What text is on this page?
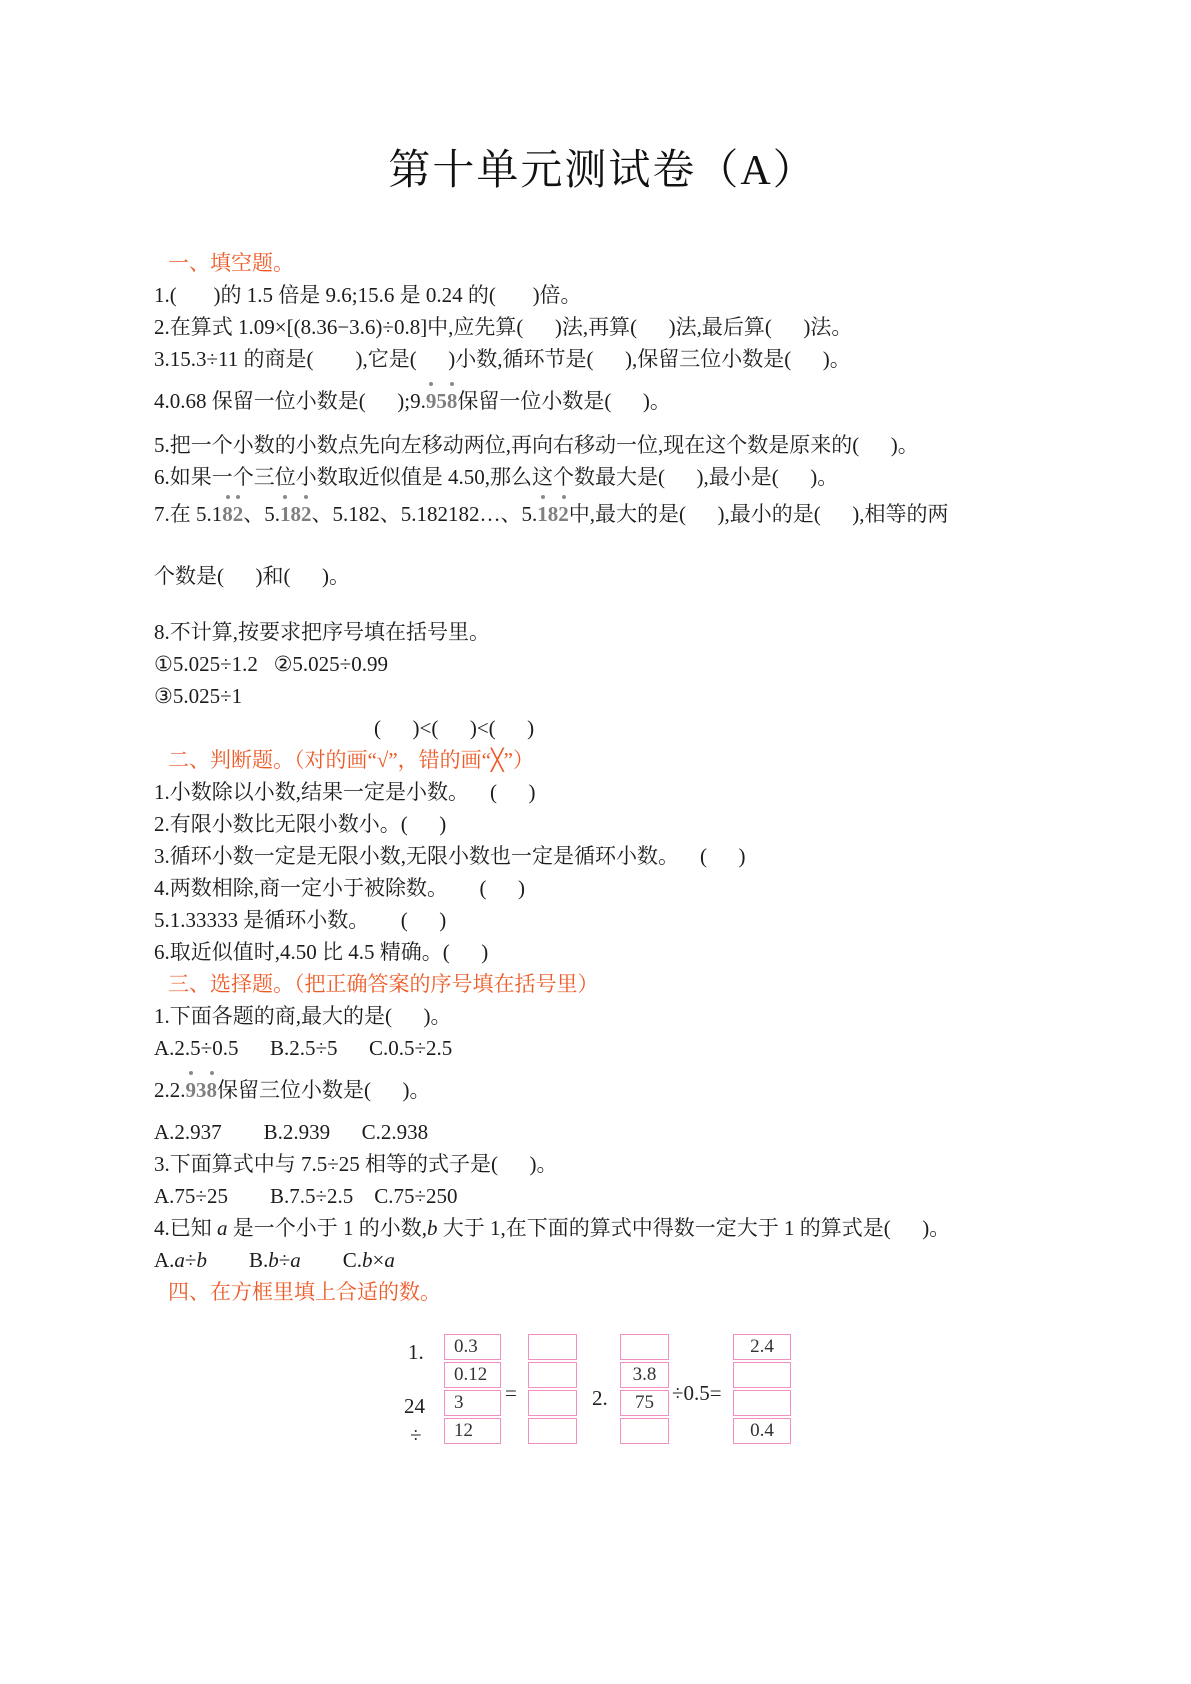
第十单元测试卷（A）
一、填空题。
1.(       )的 1.5 倍是 9.6;15.6 是 0.24 的(       )倍。
2.在算式 1.09×[(8.36−3.6)÷0.8]中,应先算(      )法,再算(      )法,最后算(      )法。
3.15.3÷11 的商是(        ),它是(      )小数,循环节是(      ),保留三位小数是(      )。
4.0.68 保留一位小数是(      );9.958保留一位小数是(      )。
5.把一个小数的小数点先向左移动两位,再向右移动一位,现在这个数是原来的(      )。
6.如果一个三位小数取近似值是 4.50,那么这个数最大是(      ),最小是(      )。
7.在 5.182、5.182、5.182、5.182182…、5.182中,最大的是(      ),最小的是(      ),相等的两
个数是(      )和(      )。
8.不计算,按要求把序号填在括号里。
①5.025÷1.2   ②5.025÷0.99
③5.025÷1
(      )<(      )<(      )
二、判断题。（对的画“√”，错的画“╳”）
1.小数除以小数,结果一定是小数。    (      )
2.有限小数比无限小数小。(      )
3.循环小数一定是无限小数,无限小数也一定是循环小数。    (      )
4.两数相除,商一定小于被除数。      (      )
5.1.33333 是循环小数。      (      )
6.取近似值时,4.50 比 4.5 精确。(      )
三、选择题。（把正确答案的序号填在括号里）
1.下面各题的商,最大的是(      )。
A.2.5÷0.5      B.2.5÷5      C.0.5÷2.5
2.2.938保留三位小数是(      )。
A.2.937        B.2.939      C.2.938
3.下面算式中与 7.5÷25 相等的式子是(      )。
A.75÷25        B.7.5÷2.5    C.75÷250
4.已知 a 是一个小于 1 的小数,b 大于 1,在下面的算式中得数一定大于 1 的算式是(      )。
A.a÷b        B.b÷a        C.b×a
四、在方框里填上合适的数。
1.
24
÷
0.3
0.12
3
12
=	2.
3.8
75 ÷0.5=
2.4
0.4
